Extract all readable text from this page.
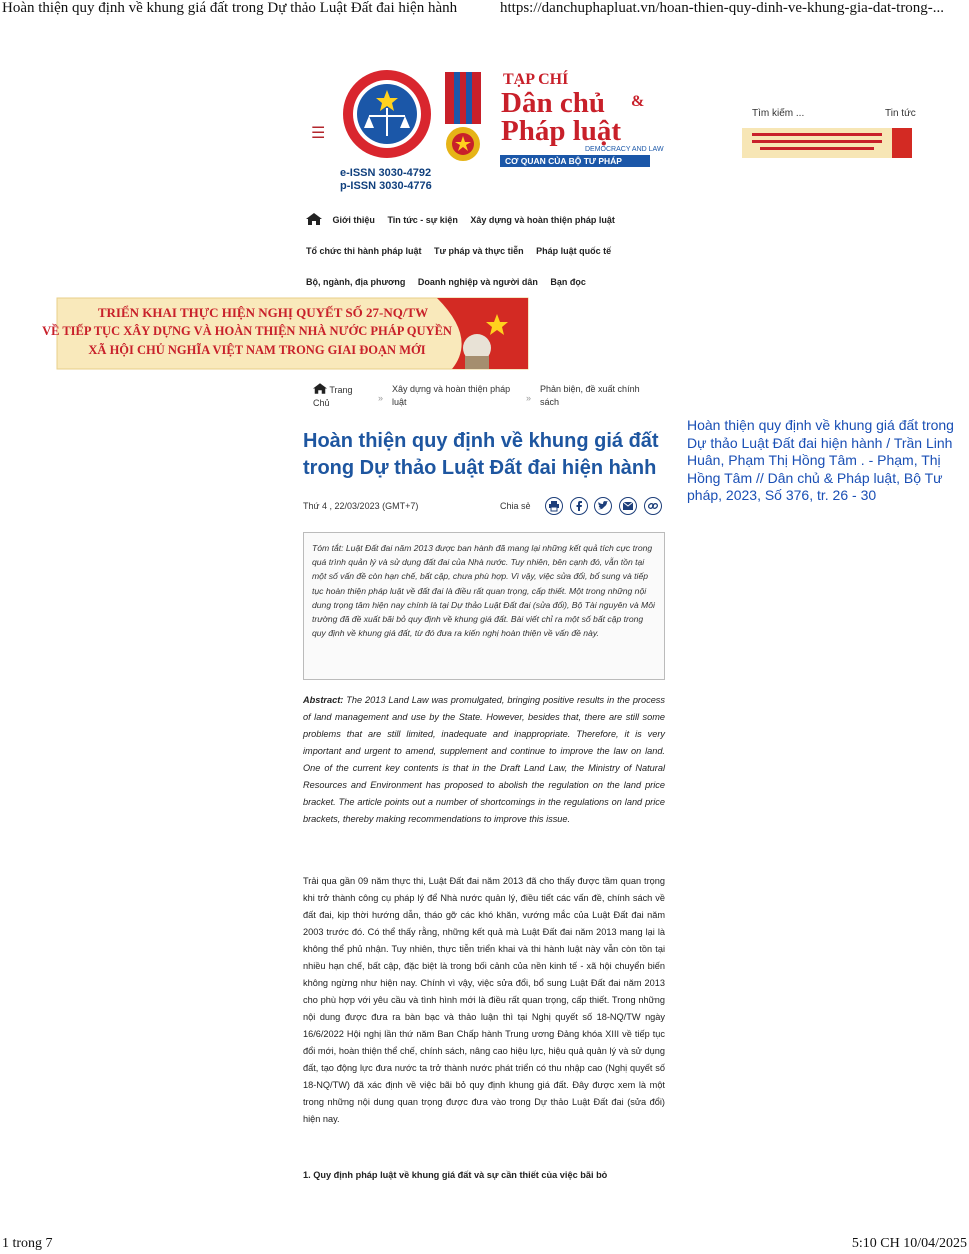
Hoàn thiện quy định về khung giá đất trong Dự thảo Luật Đất đai hiện hành	https://danchuphapluat.vn/hoan-thien-quy-dinh-ve-khung-gia-dat-trong-...
☰
TẠP CHÍ
Dân chủ &
Pháp luật
DEMOCRACY AND LAW
CƠ QUAN CỦA BỘ TƯ PHÁP
e-ISSN 3030-4792
p-ISSN 3030-4776
Tìm kiếm ...	Tin tức
Giới thiệu Tin tức - sự kiện Xây dựng và hoàn thiện pháp luật
Tổ chức thi hành pháp luật Tư pháp và thực tiễn Pháp luật quốc tế
Bộ, ngành, địa phương Doanh nghiệp và người dân Bạn đọc
TRIỂN KHAI THỰC HIỆN NGHỊ QUYẾT SỐ 27-NQ/TW
VỀ TIẾP TỤC XÂY DỰNG VÀ HOÀN THIỆN NHÀ NƯỚC PHÁP QUYỀN
XÃ HỘI CHỦ NGHĨA VIỆT NAM TRONG GIAI ĐOẠN MỚI
Trang
Chủ	»
Xây dựng và hoàn thiện pháp
luật	»
Phản biện, đề xuất chính
sách
Hoàn thiện quy định về khung giá đất trong Dự thảo Luật Đất đai hiện hành
Thứ 4 , 22/03/2023 (GMT+7)	Chia sẻ
Tóm tắt: Luật Đất đai năm 2013 được ban hành đã mang lại những kết quả tích cực trong quá trình quản lý và sử dụng đất đai của Nhà nước. Tuy nhiên, bên cạnh đó, vẫn tồn tại một số vấn đề còn hạn chế, bất cập, chưa phù hợp. Vì vậy, việc sửa đổi, bổ sung và tiếp tục hoàn thiện pháp luật về đất đai là điều rất quan trọng, cấp thiết. Một trong những nội dung trọng tâm hiện nay chính là tại Dự thảo Luật Đất đai (sửa đổi), Bộ Tài nguyên và Môi trường đã đề xuất bãi bỏ quy định về khung giá đất. Bài viết chỉ ra một số bất cập trong quy định về khung giá đất, từ đó đưa ra kiến nghị hoàn thiện về vấn đề này.
Abstract: The 2013 Land Law was promulgated, bringing positive results in the process of land management and use by the State. However, besides that, there are still some problems that are still limited, inadequate and inappropriate. Therefore, it is very important and urgent to amend, supplement and continue to improve the law on land. One of the current key contents is that in the Draft Land Law, the Ministry of Natural Resources and Environment has proposed to abolish the regulation on the land price bracket. The article points out a number of shortcomings in the regulations on land price brackets, thereby making recommendations to improve this issue.
Trải qua gần 09 năm thực thi, Luật Đất đai năm 2013 đã cho thấy được tầm quan trọng khi trở thành công cụ pháp lý để Nhà nước quản lý, điều tiết các vấn đề, chính sách về đất đai, kịp thời hướng dẫn, tháo gỡ các khó khăn, vướng mắc của Luật Đất đai năm 2003 trước đó. Có thể thấy rằng, những kết quả mà Luật Đất đai năm 2013 mang lại là không thể phủ nhận. Tuy nhiên, thực tiễn triển khai và thi hành luật này vẫn còn tồn tại nhiều hạn chế, bất cập, đặc biệt là trong bối cảnh của nền kinh tế - xã hội chuyển biến không ngừng như hiện nay. Chính vì vậy, việc sửa đổi, bổ sung Luật Đất đai năm 2013 cho phù hợp với yêu cầu và tình hình mới là điều rất quan trọng, cấp thiết. Trong những nội dung được đưa ra bàn bạc và thảo luận thì tại Nghị quyết số 18-NQ/TW ngày 16/6/2022 Hội nghị lần thứ năm Ban Chấp hành Trung ương Đảng khóa XIII về tiếp tục đổi mới, hoàn thiện thể chế, chính sách, nâng cao hiệu lực, hiệu quả quản lý và sử dụng đất, tạo động lực đưa nước ta trở thành nước phát triển có thu nhập cao (Nghị quyết số 18-NQ/TW) đã xác định về việc bãi bỏ quy định khung giá đất. Đây được xem là một trong những nội dung quan trọng được đưa vào trong Dự thảo Luật Đất đai (sửa đổi) hiện nay.
1. Quy định pháp luật về khung giá đất và sự cần thiết của việc bãi bỏ
Hoàn thiện quy định về khung giá đất trong Dự thảo Luật Đất đai hiện hành / Trần Linh Huân, Phạm Thị Hồng Tâm . - Phạm, Thị Hồng Tâm // Dân chủ & Pháp luật, Bộ Tư pháp, 2023, Số 376, tr. 26 - 30
1 trong 7	5:10 CH 10/04/2025
